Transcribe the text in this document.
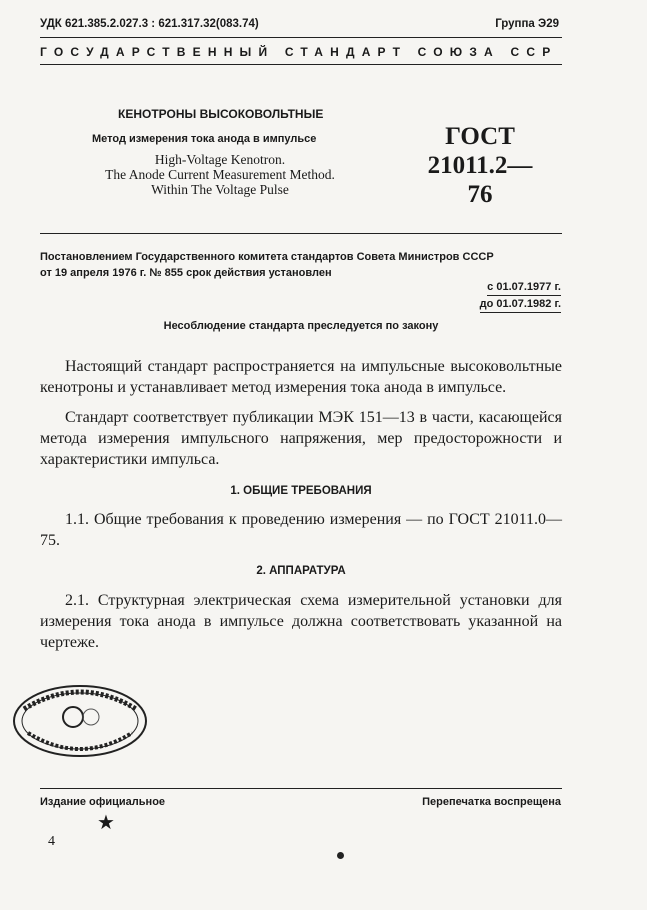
УДК 621.385.2.027.3 : 621.317.32(083.74)	Группа Э29
ГОСУДАРСТВЕННЫЙ СТАНДАРТ СОЮЗА ССР
КЕНОТРОНЫ ВЫСОКОВОЛЬТНЫЕ
Метод измерения тока анода в импульсе
High-Voltage Kenotron.
The Anode Current Measurement Method.
Within The Voltage Pulse
ГОСТ
21011.2—76
Постановлением Государственного комитета стандартов Совета Министров СССР
от 19 апреля 1976 г. № 855 срок действия установлен
с 01.07.1977 г.
до 01.07.1982 г.
Несоблюдение стандарта преследуется по закону
Настоящий стандарт распространяется на импульсные высоковольтные кенотроны и устанавливает метод измерения тока анода в импульсе.
Стандарт соответствует публикации МЭК 151—13 в части, касающейся метода измерения импульсного напряжения, мер предосторожности и характеристики импульса.
1. ОБЩИЕ ТРЕБОВАНИЯ
1.1. Общие требования к проведению измерения — по ГОСТ 21011.0—75.
2. АППАРАТУРА
2.1. Структурная электрическая схема измерительной установки для измерения тока анода в импульсе должна соответствовать указанной на чертеже.
Издание официальное	Перепечатка воспрещена
★
4
